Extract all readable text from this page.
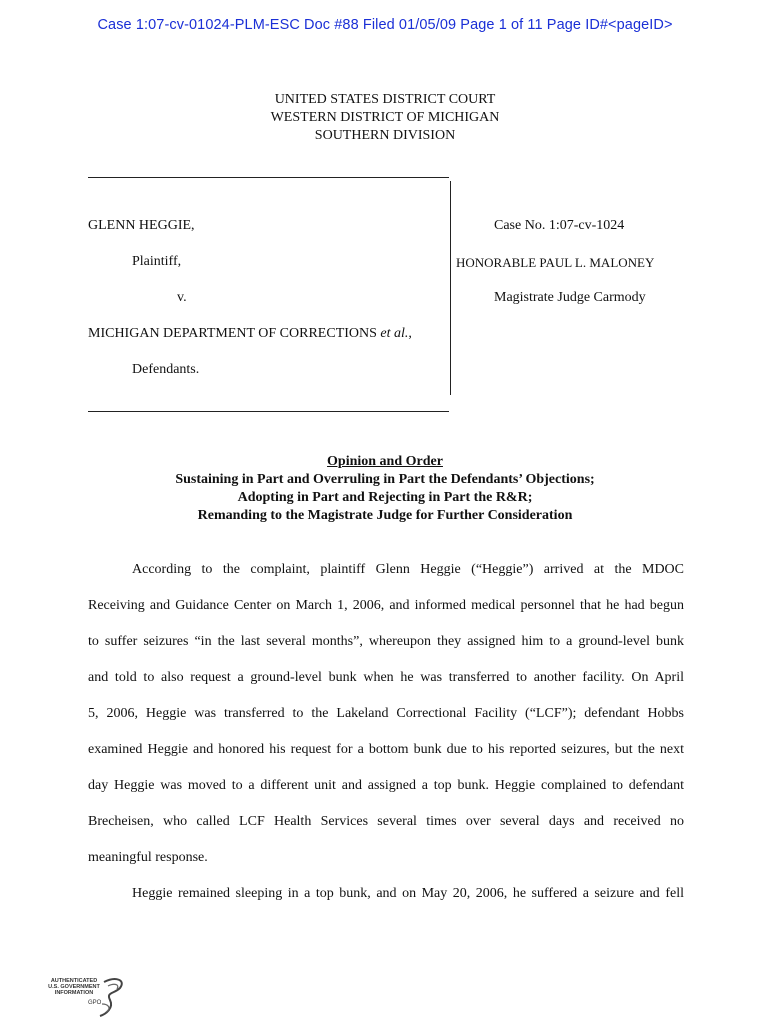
Case 1:07-cv-01024-PLM-ESC Doc #88 Filed 01/05/09 Page 1 of 11 Page ID#<pageID>
UNITED STATES DISTRICT COURT
WESTERN DISTRICT OF MICHIGAN
SOUTHERN DIVISION
GLENN HEGGIE,
Plaintiff,
v.
MICHIGAN DEPARTMENT OF CORRECTIONS et al.,
Defendants.
Case No. 1:07-cv-1024
HONORABLE PAUL L. MALONEY
Magistrate Judge Carmody
Opinion and Order
Sustaining in Part and Overruling in Part the Defendants’ Objections;
Adopting in Part and Rejecting in Part the R&R;
Remanding to the Magistrate Judge for Further Consideration
According to the complaint, plaintiff Glenn Heggie (“Heggie”) arrived at the MDOC
Receiving and Guidance Center on March 1, 2006, and informed medical personnel that he had begun
to suffer seizures “in the last several months”, whereupon they assigned him to a ground-level bunk
and told to also request a ground-level bunk when he was transferred to another facility. On April
5, 2006, Heggie was transferred to the Lakeland Correctional Facility (“LCF”); defendant Hobbs
examined Heggie and honored his request for a bottom bunk due to his reported seizures, but the next
day Heggie was moved to a different unit and assigned a top bunk. Heggie complained to defendant
Brecheisen, who called LCF Health Services several times over several days and received no
meaningful response.
Heggie remained sleeping in a top bunk, and on May 20, 2006, he suffered a seizure and fell
AUTHENTICATED
U.S. GOVERNMENT
INFORMATION
GPO
